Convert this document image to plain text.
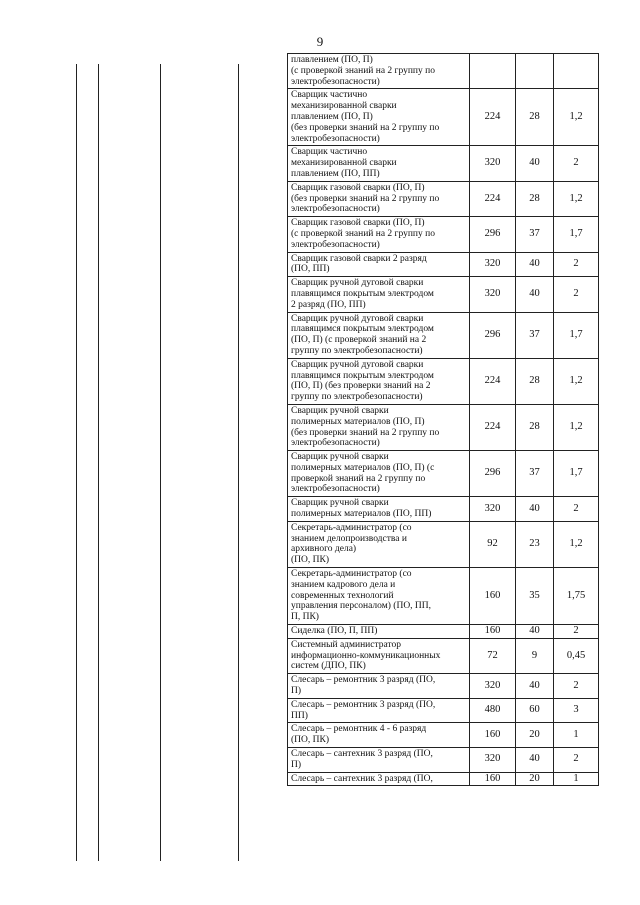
9
плавлением (ПО, П)
(с проверкой знаний на 2 группу по
электробезопасности)			

Сварщик частично
механизированной сварки
плавлением (ПО, П)
(без проверки знаний на 2 группу по
электробезопасности)	224	28	1,2

Сварщик частично
механизированной сварки
плавлением (ПО, ПП)	320	40	2

Сварщик газовой сварки (ПО, П)
(без проверки знаний на 2 группу по
электробезопасности)	224	28	1,2

Сварщик газовой сварки (ПО, П)
(с проверкой знаний на 2 группу по
электробезопасности)	296	37	1,7

Сварщик газовой сварки 2 разряд
(ПО, ПП)	320	40	2

Сварщик ручной дуговой сварки
плавящимся покрытым электродом
2 разряд (ПО, ПП)	320	40	2

Сварщик ручной дуговой сварки
плавящимся покрытым электродом
(ПО, П) (с проверкой знаний на 2
группу по электробезопасности)	296	37	1,7

Сварщик ручной дуговой сварки
плавящимся покрытым электродом
(ПО, П) (без проверки знаний на 2
группу по электробезопасности)	224	28	1,2

Сварщик ручной сварки
полимерных материалов (ПО, П)
(без проверки знаний на 2 группу по
электробезопасности)	224	28	1,2

Сварщик ручной сварки
полимерных материалов (ПО, П) (с
проверкой знаний на 2 группу по
электробезопасности)	296	37	1,7

Сварщик ручной сварки
полимерных материалов (ПО, ПП)	320	40	2

Секретарь-администратор (со
знанием делопроизводства и
архивного дела)
(ПО, ПК)	92	23	1,2

Секретарь-администратор (со
знанием кадрового дела и
современных технологий
управления персоналом) (ПО, ПП,
П, ПК)	160	35	1,75

Сиделка (ПО, П, ПП)	160	40	2

Системный администратор
информационно-коммуникационных
систем (ДПО, ПК)	72	9	0,45

Слесарь – ремонтник 3 разряд (ПО,
П)	320	40	2

Слесарь – ремонтник 3 разряд (ПО,
ПП)	480	60	3

Слесарь – ремонтник 4 - 6 разряд
(ПО, ПК)	160	20	1

Слесарь – сантехник 3 разряд (ПО,
П)	320	40	2

Слесарь – сантехник 3 разряд (ПО,	160	20	1
